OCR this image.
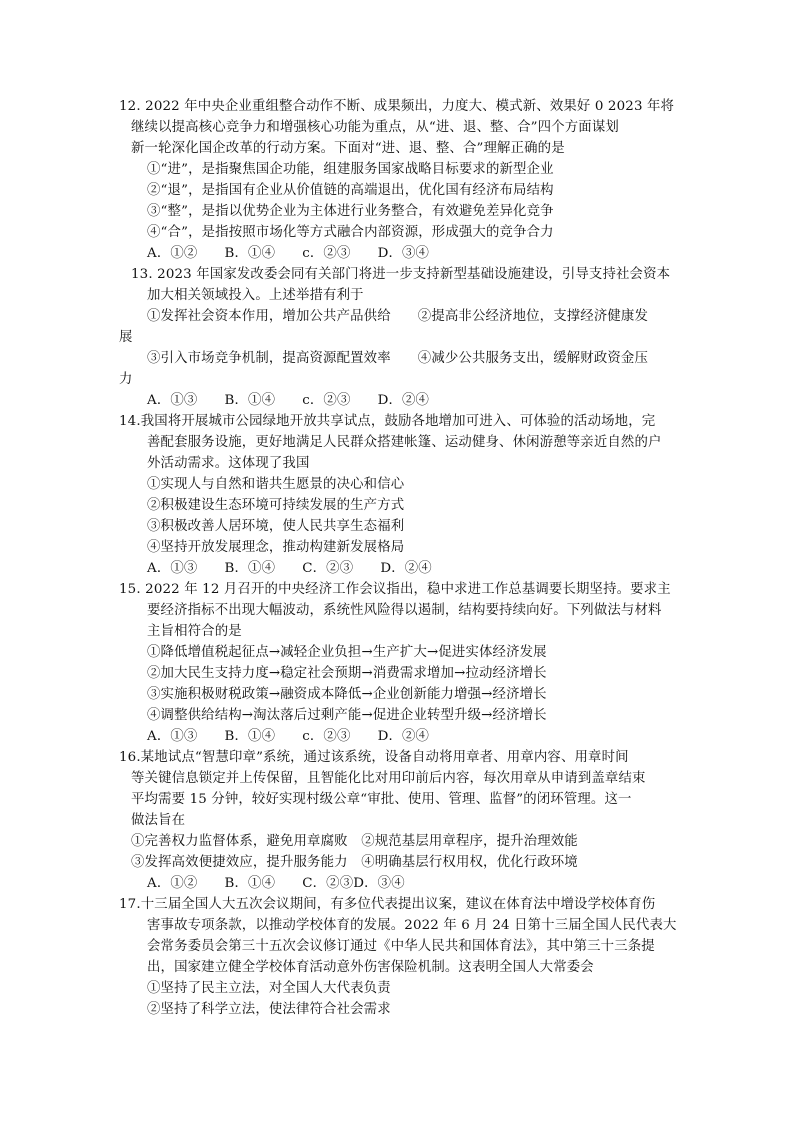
12. 2022 年中央企业重组整合动作不断、成果频出，力度大、模式新、效果好 0 2023 年将
继续以提高核心竞争力和增强核心功能为重点，从“进、退、整、合”四个方面谋划
新一轮深化国企改革的行动方案。下面对“进、退、整、合”理解正确的是
①“进”，是指聚焦国企功能，组建服务国家战略目标要求的新型企业
②“退”，是指国有企业从价值链的高端退出，优化国有经济布局结构
③“整”，是指以优势企业为主体进行业务整合，有效避免差异化竞争
④“合”，是指按照市场化等方式融合内部资源，形成强大的竞争合力
A．①②　　B．①④　　c．②③　　D．③④
13. 2023 年国家发改委会同有关部门将进一步支持新型基础设施建设，引导支持社会资本
加大相关领域投入。上述举措有利于
①发挥社会资本作用，增加公共产品供给　　②提高非公经济地位，支撑经济健康发
展
③引入市场竞争机制，提高资源配置效率　　④减少公共服务支出，缓解财政资金压
力
A．①③　　B．①④　　c．②③　　D．②④
14.我国将开展城市公园绿地开放共享试点，鼓励各地增加可进入、可体验的活动场地，完
善配套服务设施，更好地满足人民群众搭建帐篷、运动健身、休闲游憩等亲近自然的户
外活动需求。这体现了我国
①实现人与自然和谐共生愿景的决心和信心
②积极建设生态环境可持续发展的生产方式
③积极改善人居环境，使人民共享生态福利
④坚持开放发展理念，推动构建新发展格局
A．①③　　B．①④　　C．②③　　D．②④
15. 2022 年 12 月召开的中央经济工作会议指出，稳中求进工作总基调要长期坚持。要求主
要经济指标不出现大幅波动，系统性风险得以遏制，结构要持续向好。下列做法与材料
主旨相符合的是
①降低增值税起征点→减轻企业负担→生产扩大→促进实体经济发展
②加大民生支持力度→稳定社会预期→消费需求增加→拉动经济增长
③实施积极财税政策→融资成本降低→企业创新能力增强→经济增长
④调整供给结构→淘汰落后过剩产能→促进企业转型升级→经济增长
A．①③　　B．①④　　c．②③　　D．②④
16.某地试点“智慧印章”系统，通过该系统，设备自动将用章者、用章内容、用章时间
等关键信息锁定并上传保留，且智能化比对用印前后内容，每次用章从申请到盖章结束
平均需要 15 分钟，较好实现村级公章“审批、使用、管理、监督”的闭环管理。这一
做法旨在
①完善权力监督体系，避免用章腐败　②规范基层用章程序，提升治理效能
③发挥高效便捷效应，提升服务能力　④明确基层行权用权，优化行政环境
A．①②　　B．①④　　C．②③D．③④
17.十三届全国人大五次会议期间，有多位代表提出议案，建议在体育法中增设学校体育伤
害事故专项条款，以推动学校体育的发展。2022 年 6 月 24 日第十三届全国人民代表大
会常务委员会第三十五次会议修订通过《中华人民共和国体育法》，其中第三十三条提
出，国家建立健全学校体育活动意外伤害保险机制。这表明全国人大常委会
①坚持了民主立法，对全国人大代表负责
②坚持了科学立法，使法律符合社会需求
